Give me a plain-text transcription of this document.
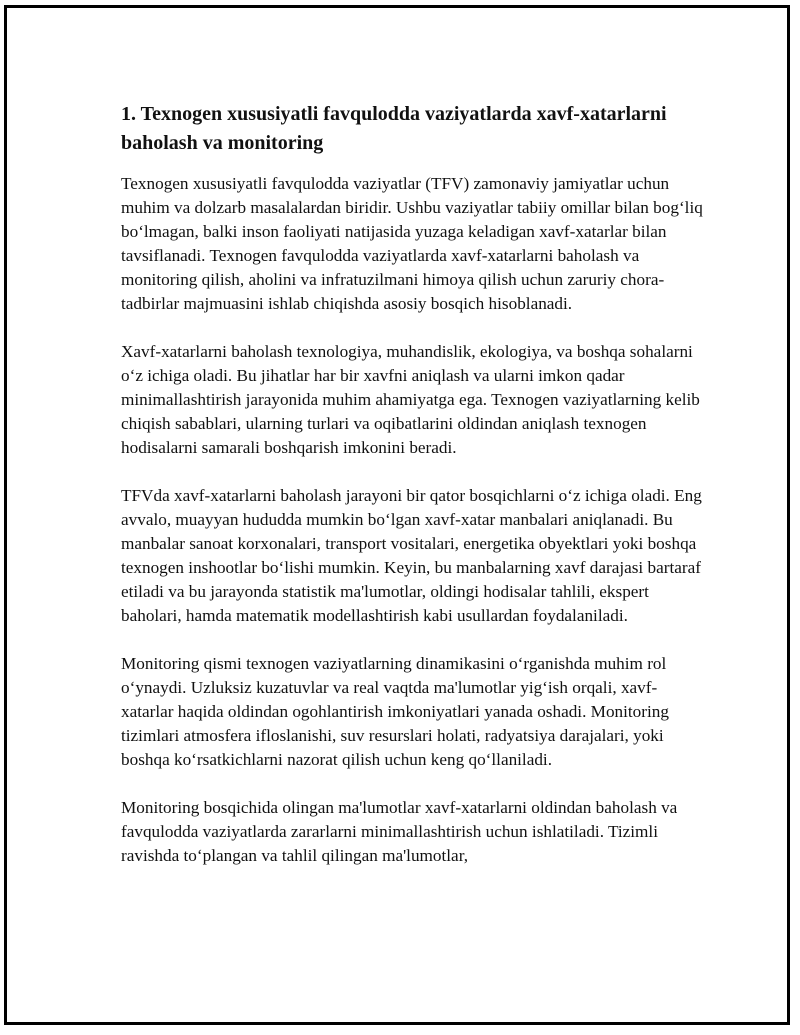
1. Texnogen xususiyatli favqulodda vaziyatlarda xavf-xatarlarni baholash va monitoring

Texnogen xususiyatli favqulodda vaziyatlar (TFV) zamonaviy jamiyatlar uchun muhim va dolzarb masalalardan biridir. Ushbu vaziyatlar tabiiy omillar bilan bog‘liq bo‘lmagan, balki inson faoliyati natijasida yuzaga keladigan xavf-xatarlar bilan tavsiflanadi. Texnogen favqulodda vaziyatlarda xavf-xatarlarni baholash va monitoring qilish, aholini va infratuzilmani himoya qilish uchun zaruriy chora-tadbirlar majmuasini ishlab chiqishda asosiy bosqich hisoblanadi.

Xavf-xatarlarni baholash texnologiya, muhandislik, ekologiya, va boshqa sohalarni o‘z ichiga oladi. Bu jihatlar har bir xavfni aniqlash va ularni imkon qadar minimallashtirish jarayonida muhim ahamiyatga ega. Texnogen vaziyatlarning kelib chiqish sabablari, ularning turlari va oqibatlarini oldindan aniqlash texnogen hodisalarni samarali boshqarish imkonini beradi.

TFVda xavf-xatarlarni baholash jarayoni bir qator bosqichlarni o‘z ichiga oladi. Eng avvalo, muayyan hududda mumkin bo‘lgan xavf-xatar manbalari aniqlanadi. Bu manbalar sanoat korxonalari, transport vositalari, energetika obyektlari yoki boshqa texnogen inshootlar bo‘lishi mumkin. Keyin, bu manbalarning xavf darajasi bartaraf etiladi va bu jarayonda statistik ma'lumotlar, oldingi hodisalar tahlili, ekspert baholari, hamda matematik modellashtirish kabi usullardan foydalaniladi.

Monitoring qismi texnogen vaziyatlarning dinamikasini o‘rganishda muhim rol o‘ynaydi. Uzluksiz kuzatuvlar va real vaqtda ma'lumotlar yig‘ish orqali, xavf-xatarlar haqida oldindan ogohlantirish imkoniyatlari yanada oshadi. Monitoring tizimlari atmosfera ifloslanishi, suv resurslari holati, radyatsiya darajalari, yoki boshqa ko‘rsatkichlarni nazorat qilish uchun keng qo‘llaniladi.

Monitoring bosqichida olingan ma'lumotlar xavf-xatarlarni oldindan baholash va favqulodda vaziyatlarda zararlarni minimallashtirish uchun ishlatiladi. Tizimli ravishda to‘plangan va tahlil qilingan ma'lumotlar,
